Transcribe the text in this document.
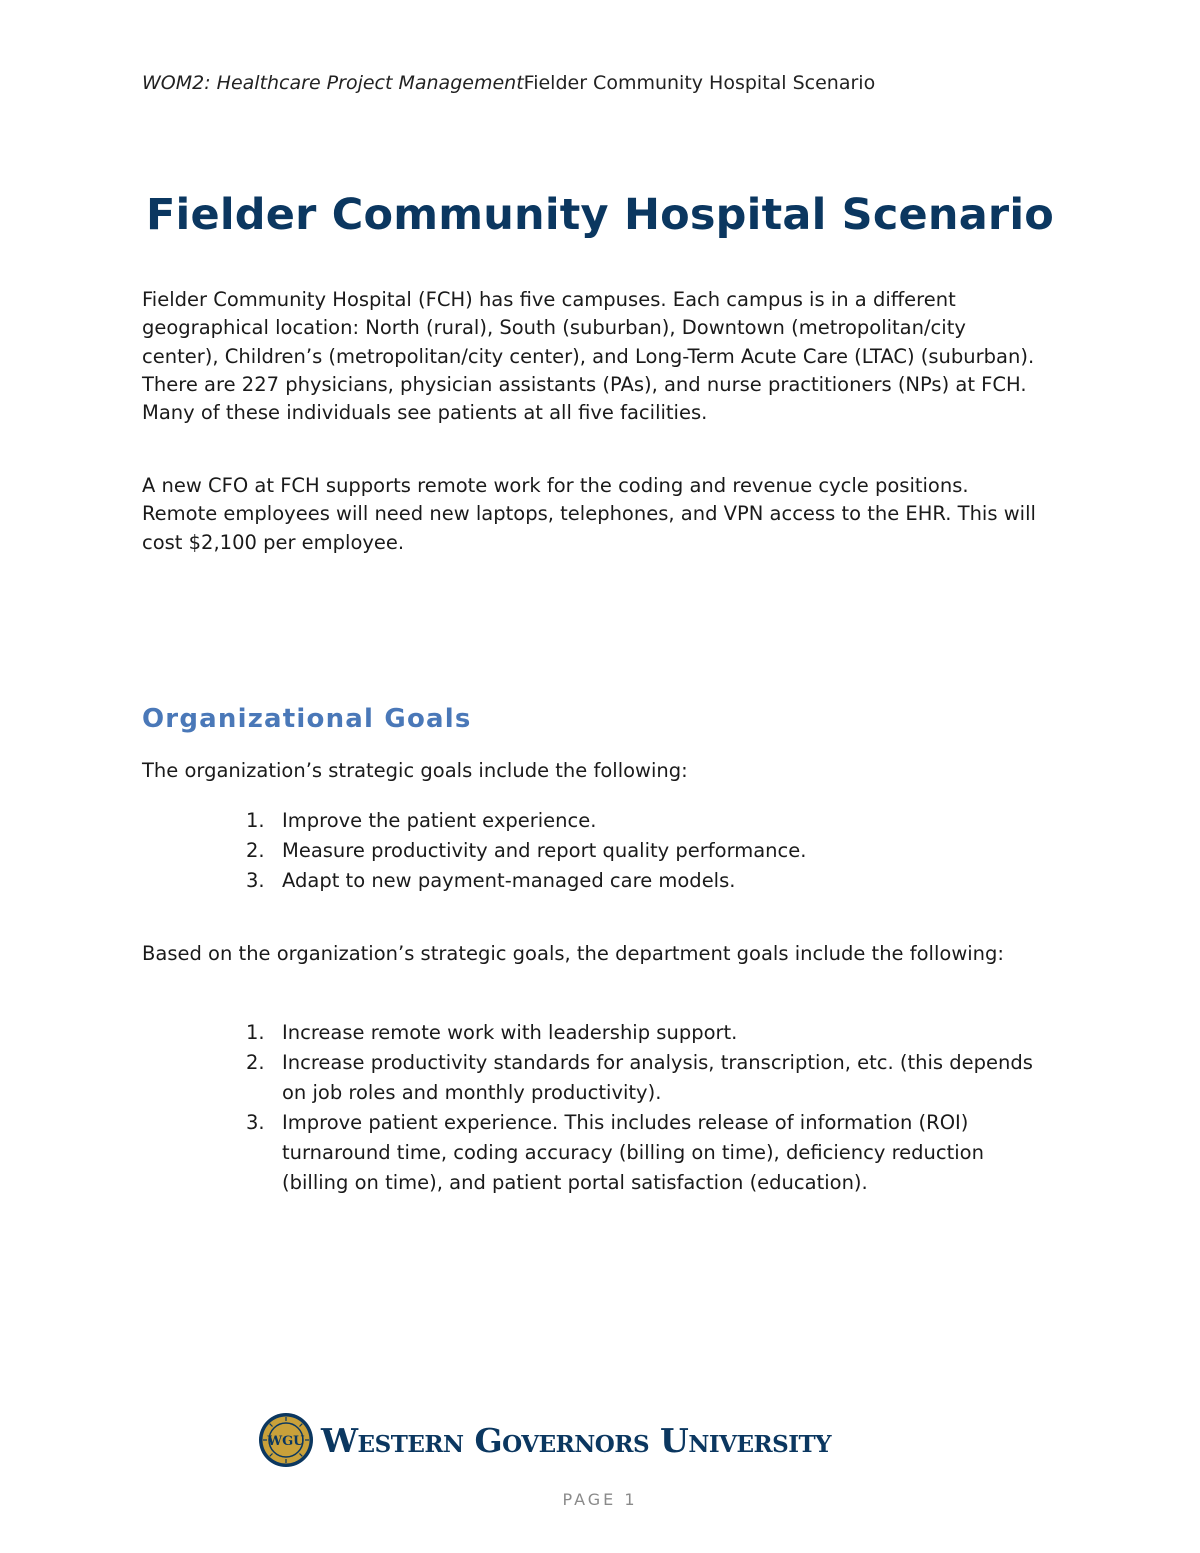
WOM2: Healthcare Project ManagementFielder Community Hospital Scenario
Fielder Community Hospital Scenario

Fielder Community Hospital (FCH) has five campuses. Each campus is in a different geographical location: North (rural), South (suburban), Downtown (metropolitan/city center), Children’s (metropolitan/city center), and Long-Term Acute Care (LTAC) (suburban). There are 227 physicians, physician assistants (PAs), and nurse practitioners (NPs) at FCH. Many of these individuals see patients at all five facilities.

A new CFO at FCH supports remote work for the coding and revenue cycle positions. Remote employees will need new laptops, telephones, and VPN access to the EHR. This will cost $2,100 per employee.

Organizational Goals

The organization’s strategic goals include the following:

1. Improve the patient experience.
2. Measure productivity and report quality performance.
3. Adapt to new payment-managed care models.

Based on the organization’s strategic goals, the department goals include the following:

1. Increase remote work with leadership support.
2. Increase productivity standards for analysis, transcription, etc. (this depends on job roles and monthly productivity).
3. Improve patient experience. This includes release of information (ROI) turnaround time, coding accuracy (billing on time), deficiency reduction (billing on time), and patient portal satisfaction (education).
WGU Western Governors University
PAGE 1
